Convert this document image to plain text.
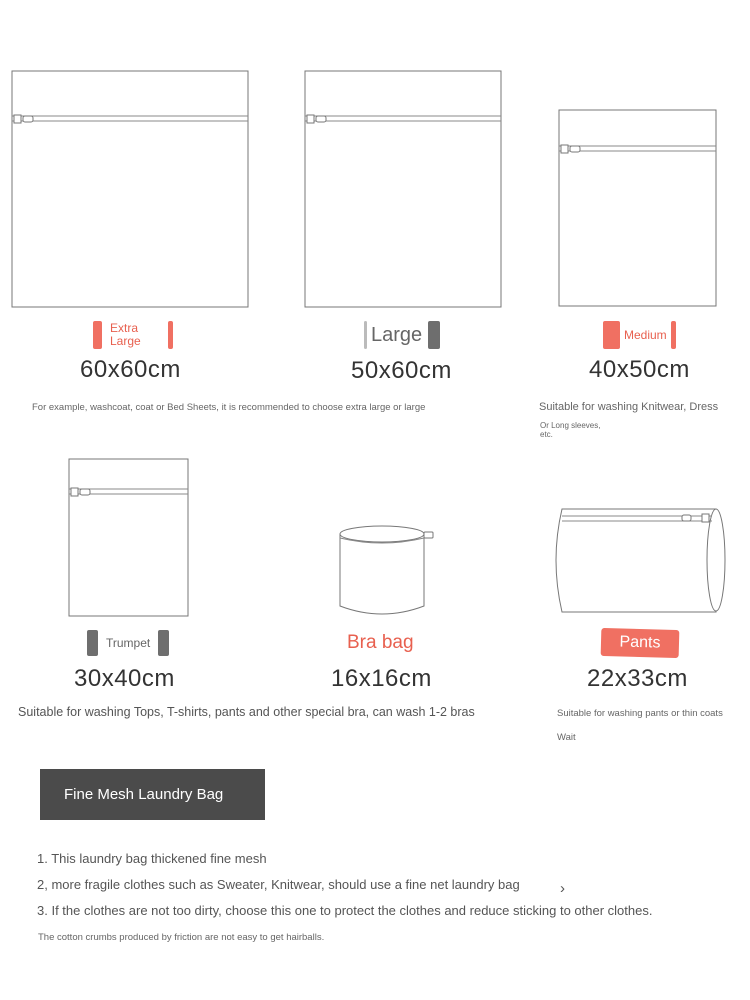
Extra Large
60x60cm
Large
50x60cm
Medium
40x50cm
For example, washcoat, coat or Bed Sheets, it is recommended to choose extra large or large	Suitable for washing Knitwear, Dress
Or Long sleeves,
etc.
Trumpet
30x40cm
Bra bag
16x16cm
Pants
22x33cm
Suitable for washing Tops, T-shirts, pants and other special bra, can wash 1-2 bras	Suitable for washing pants or thin coats
Wait
Fine Mesh Laundry Bag
1. This laundry bag thickened fine mesh
2, more fragile clothes such as Sweater, Knitwear, should use a fine net laundry bag	›
3. If the clothes are not too dirty, choose this one to protect the clothes and reduce sticking to other clothes.
The cotton crumbs produced by friction are not easy to get hairballs.
